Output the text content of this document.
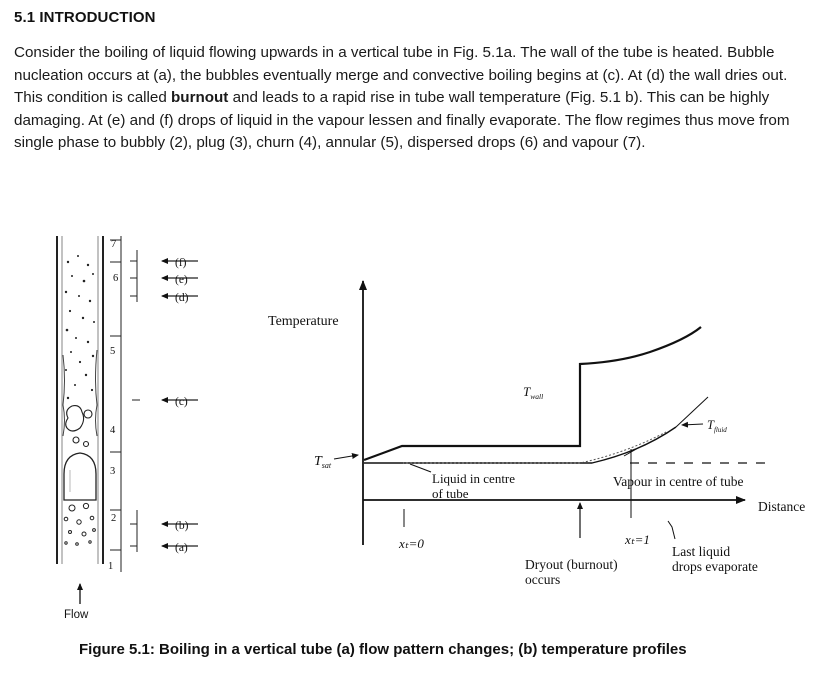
5.1 INTRODUCTION
Consider the boiling of liquid flowing upwards in a vertical tube in Fig. 5.1a. The wall of the tube is heated. Bubble nucleation occurs at (a), the bubbles eventually merge and convective boiling begins at (c). At (d) the wall dries out. This condition is called burnout and leads to a rapid rise in tube wall temperature (Fig. 5.1 b). This can be highly damaging. At (e) and (f) drops of liquid in the vapour lessen and finally evaporate. The flow regimes thus move from single phase to bubbly (2), plug (3), churn (4), annular (5), dispersed drops (6) and vapour (7).
1
2
3
4
5
6
7
(f)
(e)
(d)
(c)
(b)
(a)
Flow
Temperature
Distance
$T_{sat}$
$T_{wall}$
$T_{fluid}$
Liquid in centre
of tube
Vapour in centre of tube
xₜ=0	xₜ=1
Dryout (burnout)
occurs
Last liquid
drops evaporate
Figure 5.1: Boiling in a vertical tube (a) flow pattern changes; (b) temperature profiles
